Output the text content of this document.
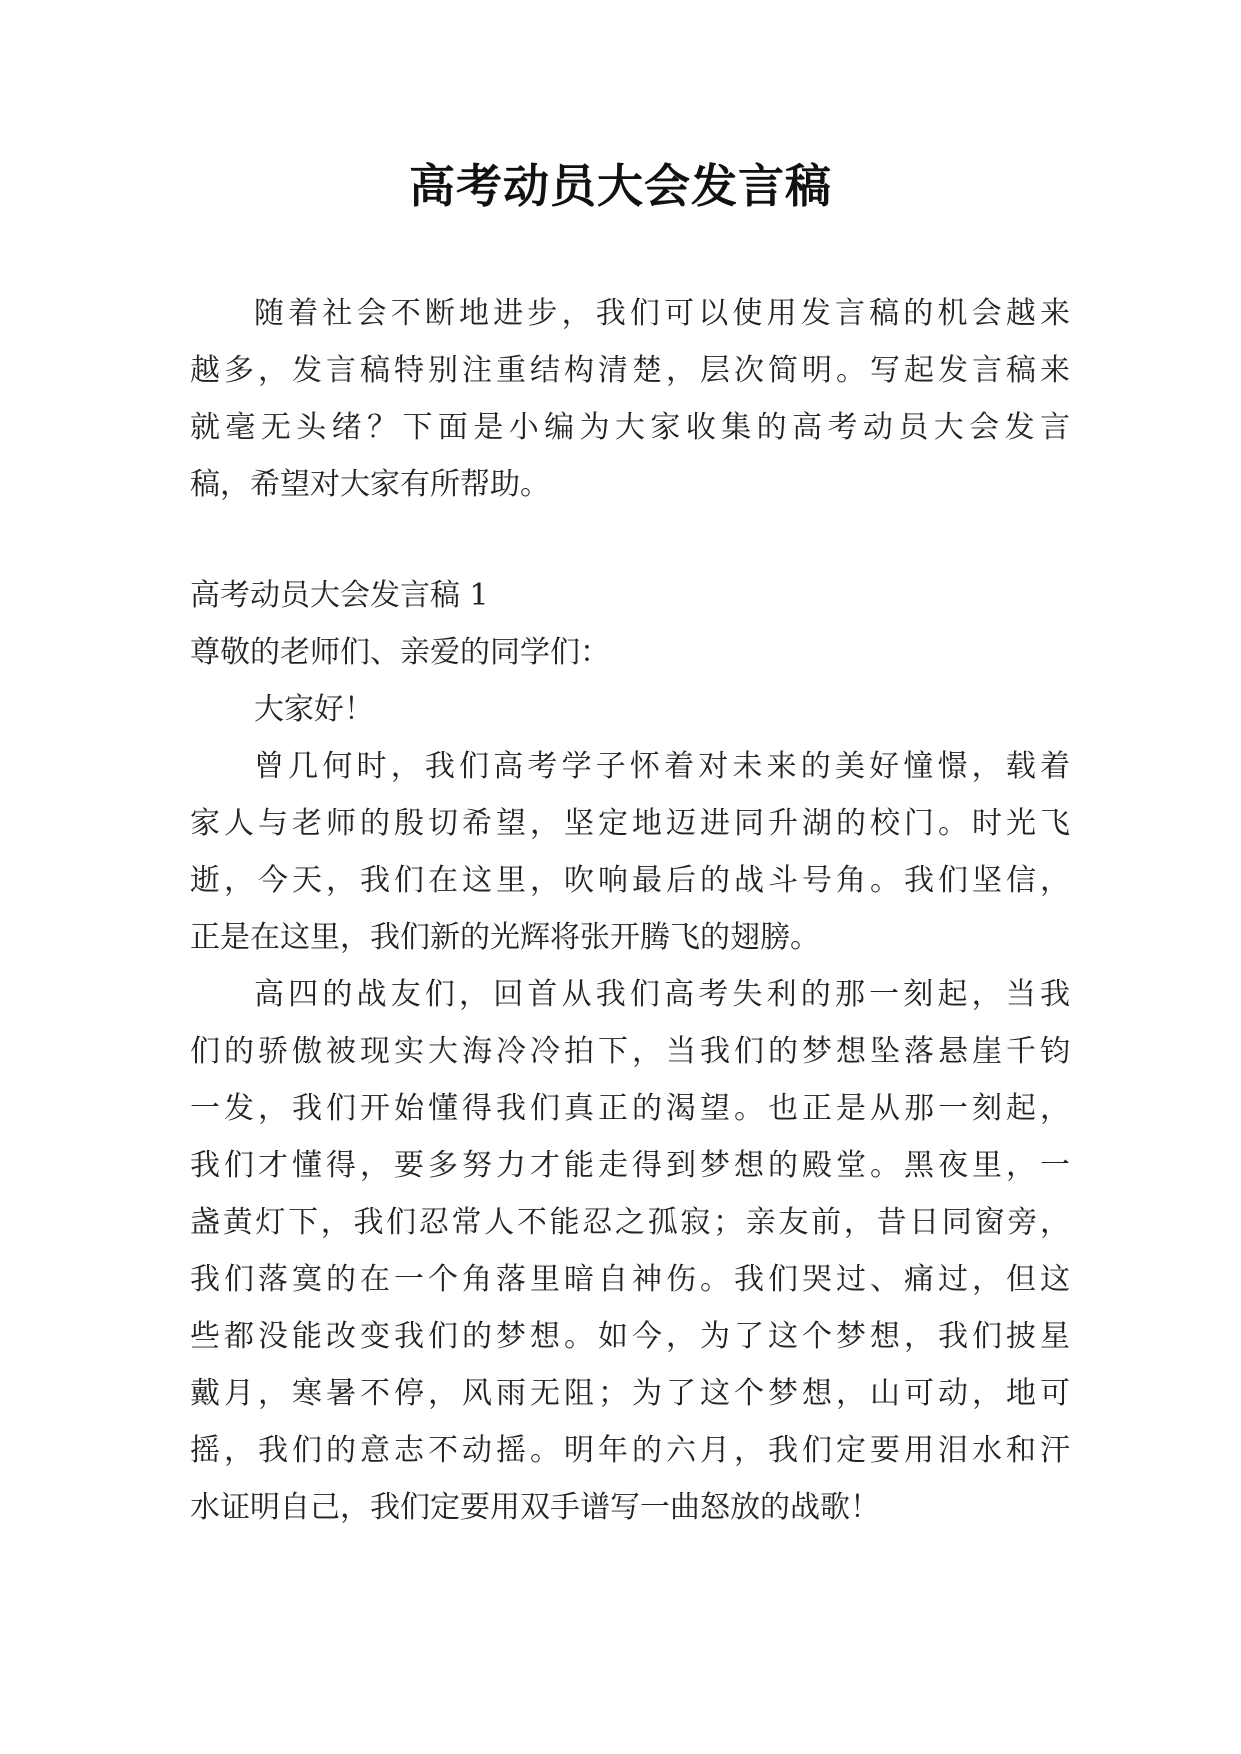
高考动员大会发言稿
随着社会不断地进步，我们可以使用发言稿的机会越来
越多，发言稿特别注重结构清楚，层次简明。写起发言稿来
就毫无头绪？下面是小编为大家收集的高考动员大会发言
稿，希望对大家有所帮助。
高考动员大会发言稿 1
尊敬的老师们、亲爱的同学们：
大家好！
曾几何时，我们高考学子怀着对未来的美好憧憬，载着
家人与老师的殷切希望，坚定地迈进同升湖的校门。时光飞
逝，今天，我们在这里，吹响最后的战斗号角。我们坚信，
正是在这里，我们新的光辉将张开腾飞的翅膀。
高四的战友们，回首从我们高考失利的那一刻起，当我
们的骄傲被现实大海冷冷拍下，当我们的梦想坠落悬崖千钧
一发，我们开始懂得我们真正的渴望。也正是从那一刻起，
我们才懂得，要多努力才能走得到梦想的殿堂。黑夜里，一
盏黄灯下，我们忍常人不能忍之孤寂；亲友前，昔日同窗旁，
我们落寞的在一个角落里暗自神伤。我们哭过、痛过，但这
些都没能改变我们的梦想。如今，为了这个梦想，我们披星
戴月，寒暑不停，风雨无阻；为了这个梦想，山可动，地可
摇，我们的意志不动摇。明年的六月，我们定要用泪水和汗
水证明自己，我们定要用双手谱写一曲怒放的战歌！
